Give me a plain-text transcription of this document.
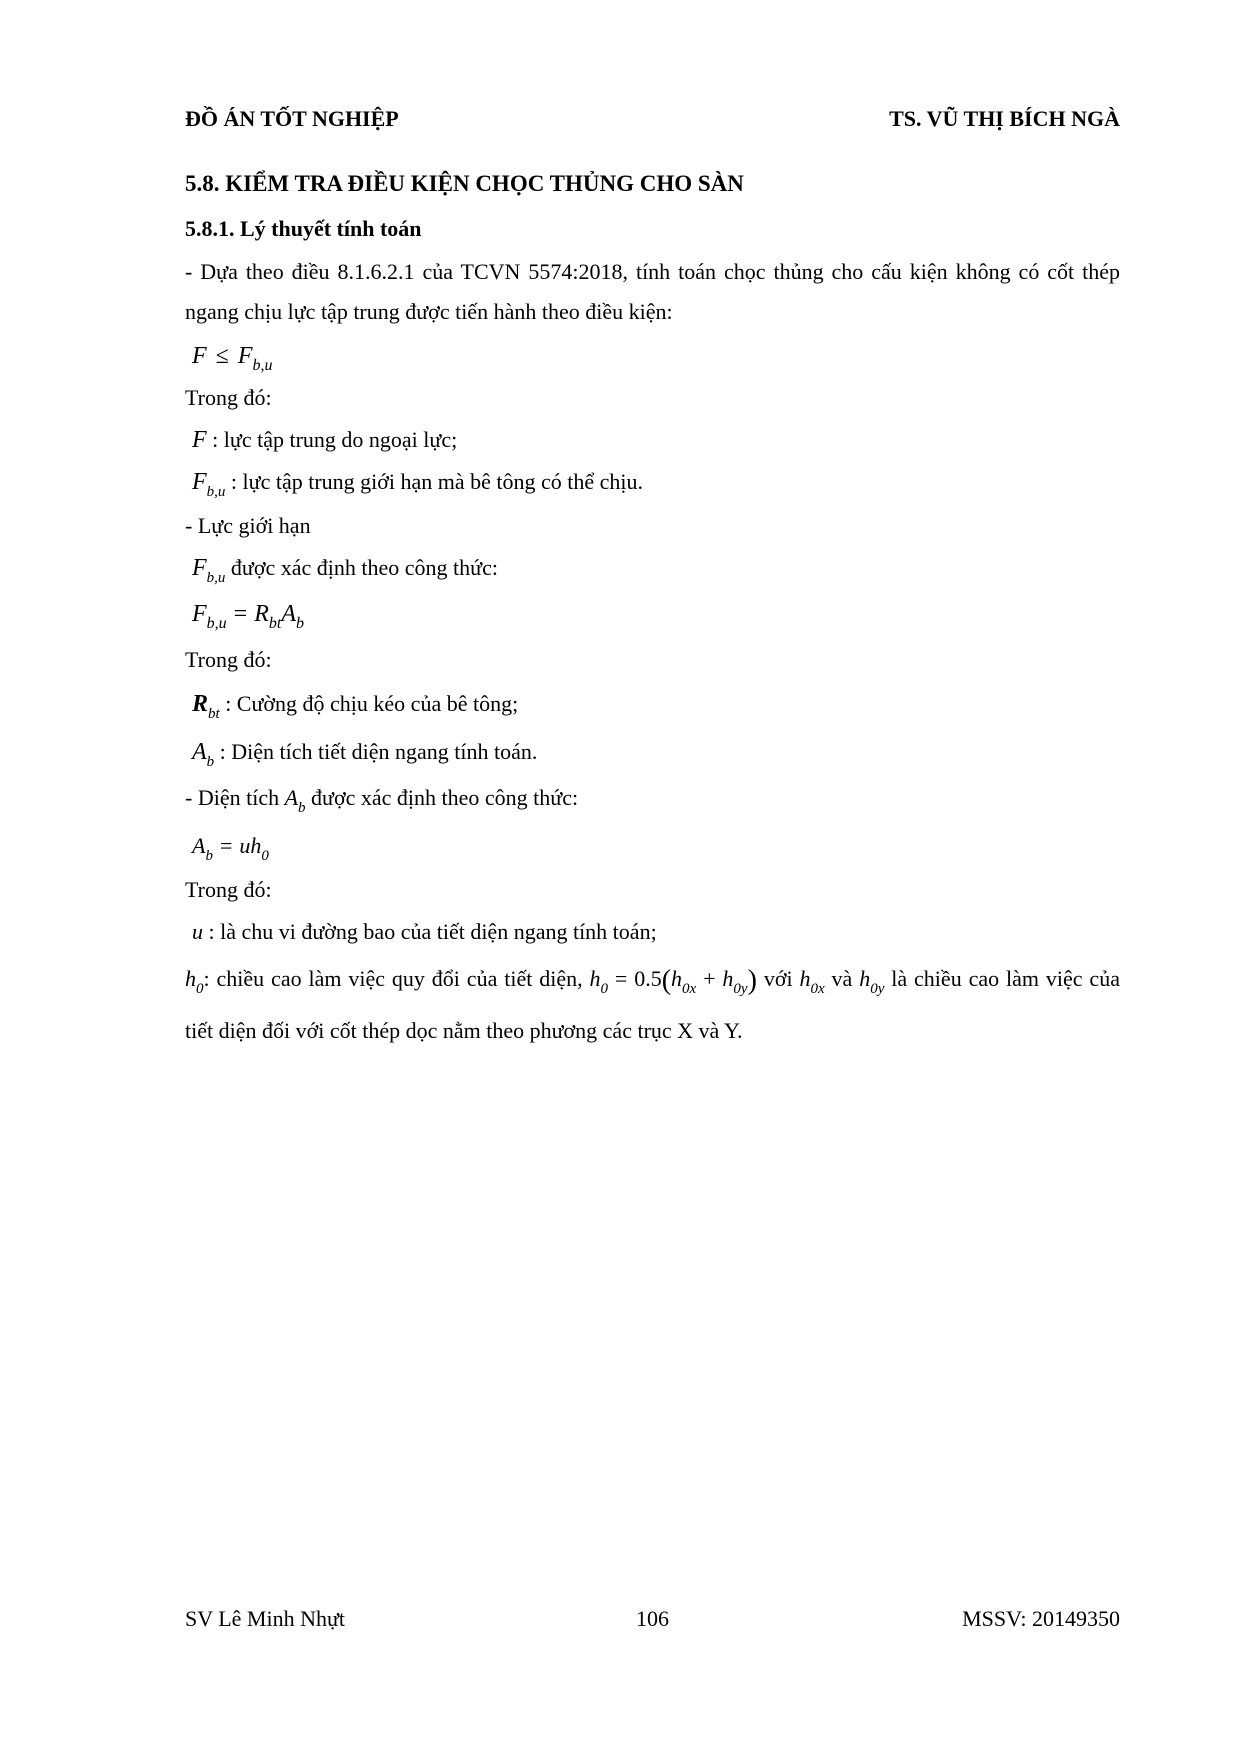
ĐỒ ÁN TỐT NGHIỆP	TS. VŨ THỊ BÍCH NGÀ
5.8. KIỂM TRA ĐIỀU KIỆN CHỌC THỦNG CHO SÀN
5.8.1. Lý thuyết tính toán

- Dựa theo điều 8.1.6.2.1 của TCVN 5574:2018, tính toán chọc thủng cho cấu kiện không có cốt thép ngang chịu lực tập trung được tiến hành theo điều kiện:

$F \le F_{b,u}$

Trong đó:

F : lực tập trung do ngoại lực;

$F_{b,u}$ : lực tập trung giới hạn mà bê tông có thể chịu.

- Lực giới hạn

$F_{b,u}$ được xác định theo công thức:

$F_{b,u} = R_{bt}A_b$

Trong đó:

$R_{bt}$ : Cường độ chịu kéo của bê tông;

$A_b$ : Diện tích tiết diện ngang tính toán.

- Diện tích $A_b$ được xác định theo công thức:

$A_b = uh_0$

Trong đó:

u : là chu vi đường bao của tiết diện ngang tính toán;

$h_0$: chiều cao làm việc quy đổi của tiết diện, $h_0 = 0.5(h_{0x} + h_{0y})$ với $h_{0x}$ và $h_{0y}$ là chiều cao làm việc của tiết diện đối với cốt thép dọc nằm theo phương các trục X và Y.

SV Lê Minh Nhựt	106	MSSV: 20149350
